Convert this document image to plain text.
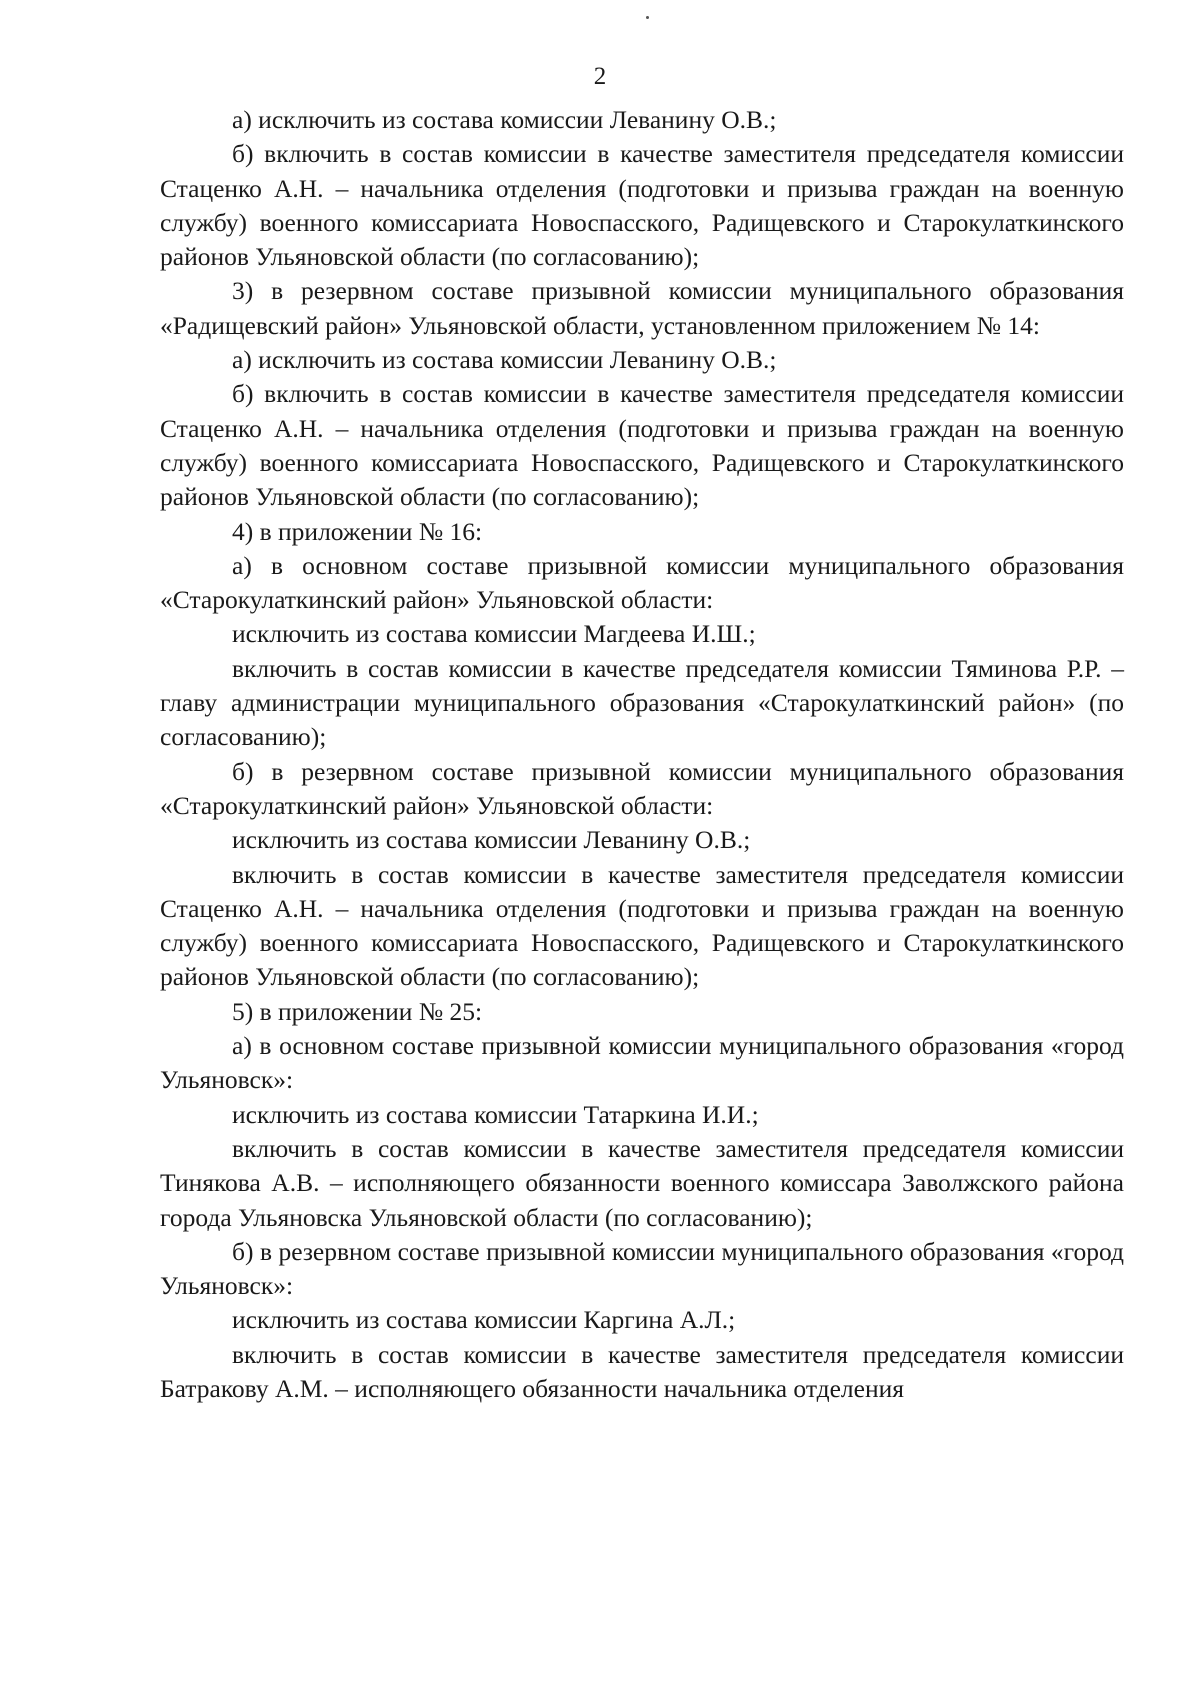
2

а) исключить из состава комиссии Леванину О.В.;

б) включить в состав комиссии в качестве заместителя председателя комиссии Стаценко А.Н. – начальника отделения (подготовки и призыва граждан на военную службу) военного комиссариата Новоспасского, Радищевского и Старокулаткинского районов Ульяновской области (по согласованию);

3) в резервном составе призывной комиссии муниципального образования «Радищевский район» Ульяновской области, установленном приложением № 14:

а) исключить из состава комиссии Леванину О.В.;

б) включить в состав комиссии в качестве заместителя председателя комиссии Стаценко А.Н. – начальника отделения (подготовки и призыва граждан на военную службу) военного комиссариата Новоспасского, Радищевского и Старокулаткинского районов Ульяновской области (по согласованию);

4) в приложении № 16:

а) в основном составе призывной комиссии муниципального образования «Старокулаткинский район» Ульяновской области:

исключить из состава комиссии Магдеева И.Ш.;

включить в состав комиссии в качестве председателя комиссии Тяминова Р.Р. – главу администрации муниципального образования «Старокулаткинский район» (по согласованию);

б) в резервном составе призывной комиссии муниципального образования «Старокулаткинский район» Ульяновской области:

исключить из состава комиссии Леванину О.В.;

включить в состав комиссии в качестве заместителя председателя комиссии Стаценко А.Н. – начальника отделения (подготовки и призыва граждан на военную службу) военного комиссариата Новоспасского, Радищевского и Старокулаткинского районов Ульяновской области (по согласованию);

5) в приложении № 25:

а) в основном составе призывной комиссии муниципального образования «город Ульяновск»:

исключить из состава комиссии Татаркина И.И.;

включить в состав комиссии в качестве заместителя председателя комиссии Тинякова А.В. – исполняющего обязанности военного комиссара Заволжского района города Ульяновска Ульяновской области (по согласованию);

б) в резервном составе призывной комиссии муниципального образования «город Ульяновск»:

исключить из состава комиссии Каргина А.Л.;

включить в состав комиссии в качестве заместителя председателя комиссии Батракову А.М. – исполняющего обязанности начальника отделения
